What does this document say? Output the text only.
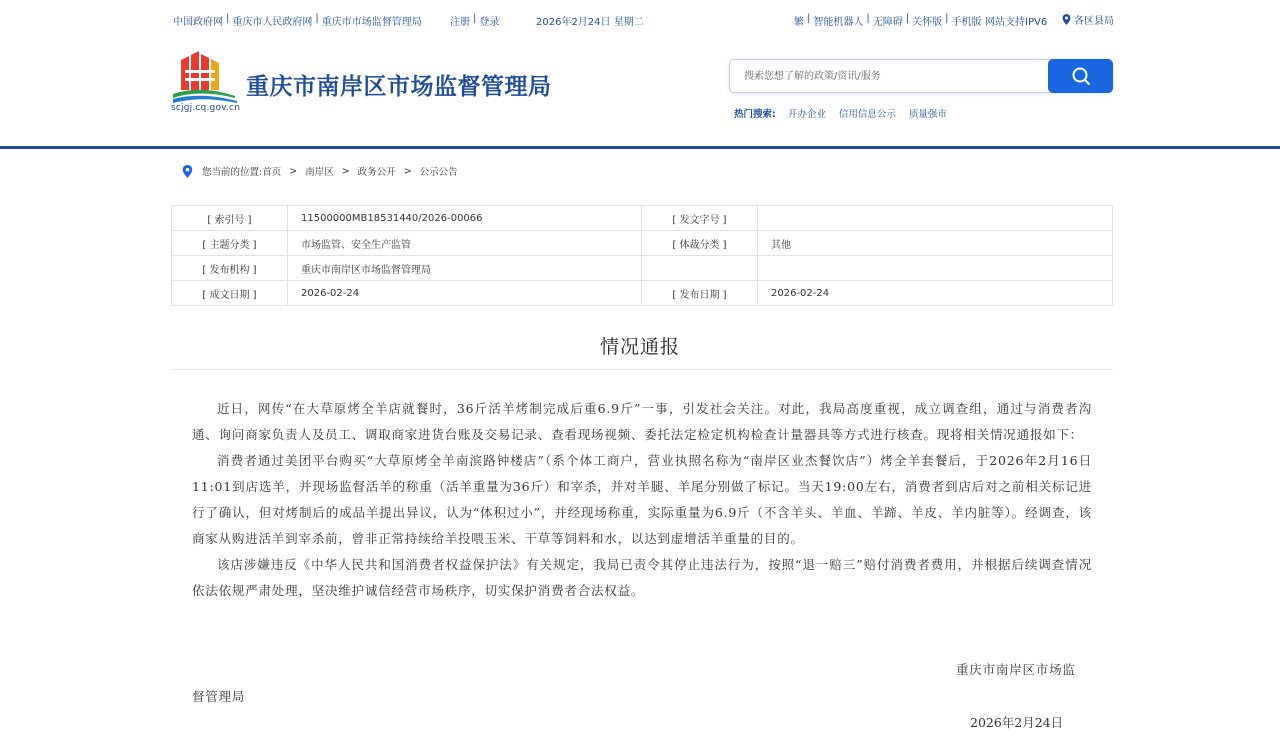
中国政府网 | 重庆市人民政府网 | 重庆市市场监督管理局	注册 | 登录	2026年2月24日 星期二	繁 | 智能机器人 | 无障碍 | 关怀版 | 手机版 网站支持IPV6	各区县局
scjgj.cq.gov.cn
重庆市南岸区市场监督管理局
搜索您想了解的政策/资讯/服务
热门搜索: 开办企业 信用信息公示 质量强市
您当前的位置: 首页 > 南岸区 > 政务公开 > 公示公告
[ 索引号 ]	11500000MB18531440/2026-00066	[ 发文字号 ]	
[ 主题分类 ]	市场监管、安全生产监管	[ 体裁分类 ]	其他
[ 发布机构 ]	重庆市南岸区市场监督管理局		
[ 成文日期 ]	2026-02-24	[ 发布日期 ]	2026-02-24
情况通报

近日，网传“在大草原烤全羊店就餐时，36斤活羊烤制完成后重6.9斤”一事，引发社会关注。对此，我局高度重视，成立调查组，通过与消费者沟通、询问商家负责人及员工、调取商家进货台账及交易记录、查看现场视频、委托法定检定机构检查计量器具等方式进行核查。现将相关情况通报如下：

消费者通过美团平台购买“大草原烤全羊南滨路钟楼店”（系个体工商户，营业执照名称为“南岸区业杰餐饮店”）烤全羊套餐后，于2026年2月16日11:01到店选羊，并现场监督活羊的称重（活羊重量为36斤）和宰杀，并对羊腿、羊尾分别做了标记。当天19:00左右，消费者到店后对之前相关标记进行了确认，但对烤制后的成品羊提出异议，认为“体积过小”，并经现场称重，实际重量为6.9斤（不含羊头、羊血、羊蹄、羊皮、羊内脏等）。经调查，该商家从购进活羊到宰杀前，曾非正常持续给羊投喂玉米、干草等饲料和水，以达到虚增活羊重量的目的。

该店涉嫌违反《中华人民共和国消费者权益保护法》有关规定，我局已责令其停止违法行为，按照“退一赔三”赔付消费者费用，并根据后续调查情况依法依规严肃处理，坚决维护诚信经营市场秩序，切实保护消费者合法权益。

重庆市南岸区市场监
督管理局
2026年2月24日
